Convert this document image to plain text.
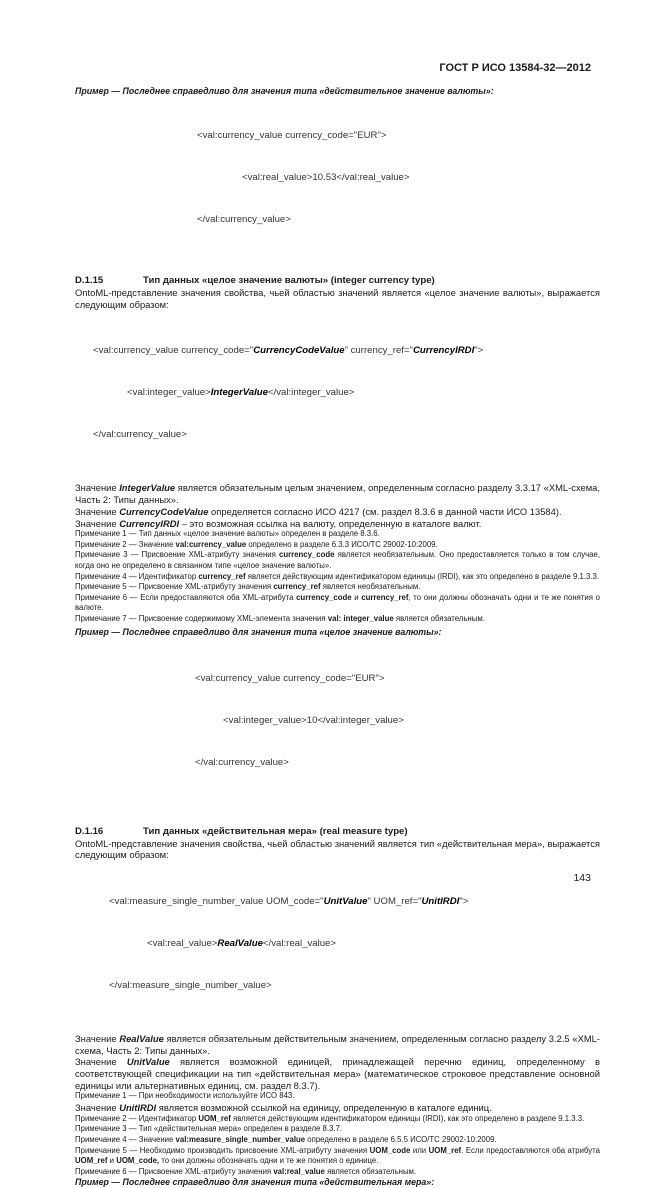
ГОСТ Р ИСО 13584-32—2012

Пример — Последнее справедливо для значения типа «действительное значение валюты»:

<val:currency_value currency_code="EUR">

<val:real_value>10.53</val:real_value>

</val:currency_value>

D.1.15	Тип данных «целое значение валюты» (integer currency type)

OntoML-представление значения свойства, чьей областью значений является «целое значение валюты», выражается следующим образом:

<val:currency_value currency_code="CurrencyCodeValue" currency_ref="CurrencyIRDI">

<val:integer_value>IntegerValue</val:integer_value>

</val:currency_value>

Значение IntegerValue является обязательным целым значением, определенным согласно разделу 3.3.17 «XML-схема, Часть 2: Типы данных».

Значение CurrencyCodeValue определяется согласно ИСО 4217 (см. раздел 8.3.6 в данной части ИСО 13584).

Значение CurrencyIRDI – это возможная ссылка на валюту, определенную в каталоге валют.

Примечание 1 — Тип данных «целое значение валюты» определен в разделе 8.3.6.

Примечание 2 — Значение val:currency_value определено в разделе 6.3.3 ИСО/ТС 29002-10:2009.

Примечание 3 — Присвоение XML-атрибуту значения currency_code является необязательным. Оно предоставляется только в том случае, когда оно не определено в связанном типе «целое значение валюты».

Примечание 4 — Идентификатор currency_ref является действующим идентификатором единицы (IRDI), как это определено в разделе 9.1.3.3.

Примечание 5 — Присвоение XML-атрибуту значения currency_ref является необязательным.

Примечание 6 — Если предоставляются оба XML-атрибута currency_code и currency_ref, то они должны обозначать одни и те же понятия о валюте.

Примечание 7 — Присвоение содержимому XML-элемента значения val: integer_value является обязательным.

Пример — Последнее справедливо для значения типа «целое значение валюты»:

<val:currency_value currency_code="EUR">

<val:integer_value>10</val:integer_value>

</val:currency_value>

D.1.16	Тип данных «действительная мера» (real measure type)

OntoML-представление значения свойства, чьей областью значений является тип «действительная мера», выражается следующим образом:

<val:measure_single_number_value UOM_code="UnitValue" UOM_ref="UnitIRDI">

<val:real_value>RealValue</val:real_value>

</val:measure_single_number_value>

Значение RealValue является обязательным действительным значением, определенным согласно разделу 3.2.5 «XML-схема, Часть 2: Типы данных».

Значение UnitValue является возможной единицей, принадлежащей перечню единиц, определенному в соответствующей спецификации на тип «действительная мера» (математическое строковое представление основной единицы или альтернативных единиц, см. раздел 8.3.7).

Примечание 1 — При необходимости используйте ИСО 843.

Значение UnitIRDI является возможной ссылкой на единицу, определенную в каталоге единиц.

Примечание 2 — Идентификатор UOM_ref является действующим идентификатором единицы (IRDI), как это определено в разделе 9.1.3.3.

Примечание 3 — Тип «действительная мера» определен в разделе 8.3.7.

Примечание 4 — Значение val:measure_single_number_value определено в разделе 6.5.5 ИСО/ТС 29002-10:2009.

Примечание 5 — Необходимо производить присвоение XML-атрибуту значения UOM_code или UOM_ref. Если предоставляются оба атрибута UOM_ref и UOM_code, то они должны обозначать одни и те же понятия о единице.

Примечание 6 — Присвоение XML-атрибуту значения val:real_value является обязательным.

Пример — Последнее справедливо для значения типа «действительная мера»:

143
